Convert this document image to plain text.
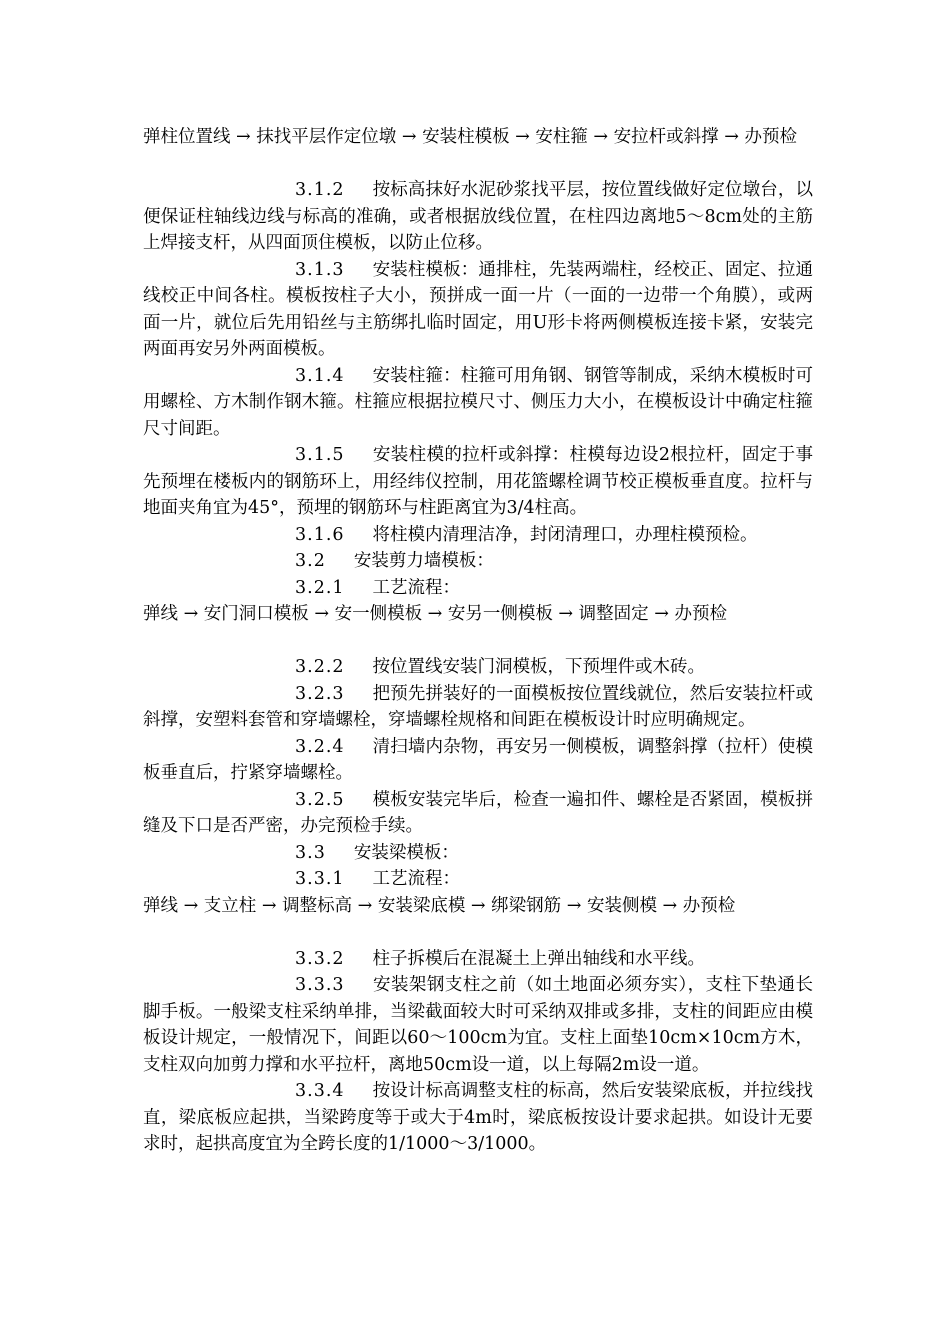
弹柱位置线 → 抹找平层作定位墩 → 安装柱模板 → 安柱箍 → 安拉杆或斜撑 → 办预检

3.1.2 按标高抹好水泥砂浆找平层，按位置线做好定位墩台，以便保证柱轴线边线与标高的准确，或者根据放线位置，在柱四边离地5～8cm处的主筋上焊接支杆，从四面顶住模板，以防止位移。

3.1.3 安装柱模板：通排柱，先装两端柱，经校正、固定、拉通线校正中间各柱。模板按柱子大小，预拼成一面一片（一面的一边带一个角膜），或两面一片，就位后先用铅丝与主筋绑扎临时固定，用U形卡将两侧模板连接卡紧，安装完两面再安另外两面模板。

3.1.4 安装柱箍：柱箍可用角钢、钢管等制成，采纳木模板时可用螺栓、方木制作钢木箍。柱箍应根据拉模尺寸、侧压力大小，在模板设计中确定柱箍尺寸间距。

3.1.5 安装柱模的拉杆或斜撑：柱模每边设2根拉杆，固定于事先预埋在楼板内的钢筋环上，用经纬仪控制，用花篮螺栓调节校正模板垂直度。拉杆与地面夹角宜为45°，预埋的钢筋环与柱距离宜为3/4柱高。

3.1.6 将柱模内清理洁净，封闭清理口，办理柱模预检。

3.2 安装剪力墙模板：

3.2.1 工艺流程：

弹线 → 安门洞口模板 → 安一侧模板 → 安另一侧模板 → 调整固定 → 办预检

3.2.2 按位置线安装门洞模板，下预埋件或木砖。

3.2.3 把预先拼装好的一面模板按位置线就位，然后安装拉杆或斜撑，安塑料套管和穿墙螺栓，穿墙螺栓规格和间距在模板设计时应明确规定。

3.2.4 清扫墙内杂物，再安另一侧模板，调整斜撑（拉杆）使模板垂直后，拧紧穿墙螺栓。

3.2.5 模板安装完毕后，检查一遍扣件、螺栓是否紧固，模板拼缝及下口是否严密，办完预检手续。

3.3 安装梁模板：

3.3.1 工艺流程：

弹线 → 支立柱 → 调整标高 → 安装梁底模 → 绑梁钢筋 → 安装侧模 → 办预检

3.3.2 柱子拆模后在混凝土上弹出轴线和水平线。

3.3.3 安装架钢支柱之前（如土地面必须夯实），支柱下垫通长脚手板。一般梁支柱采纳单排，当梁截面较大时可采纳双排或多排，支柱的间距应由模板设计规定，一般情况下，间距以60～100cm为宜。支柱上面垫10cm×10cm方木，支柱双向加剪力撑和水平拉杆，离地50cm设一道，以上每隔2m设一道。

3.3.4 按设计标高调整支柱的标高，然后安装梁底板，并拉线找直，梁底板应起拱，当梁跨度等于或大于4m时，梁底板按设计要求起拱。如设计无要求时，起拱高度宜为全跨长度的1/1000～3/1000。
